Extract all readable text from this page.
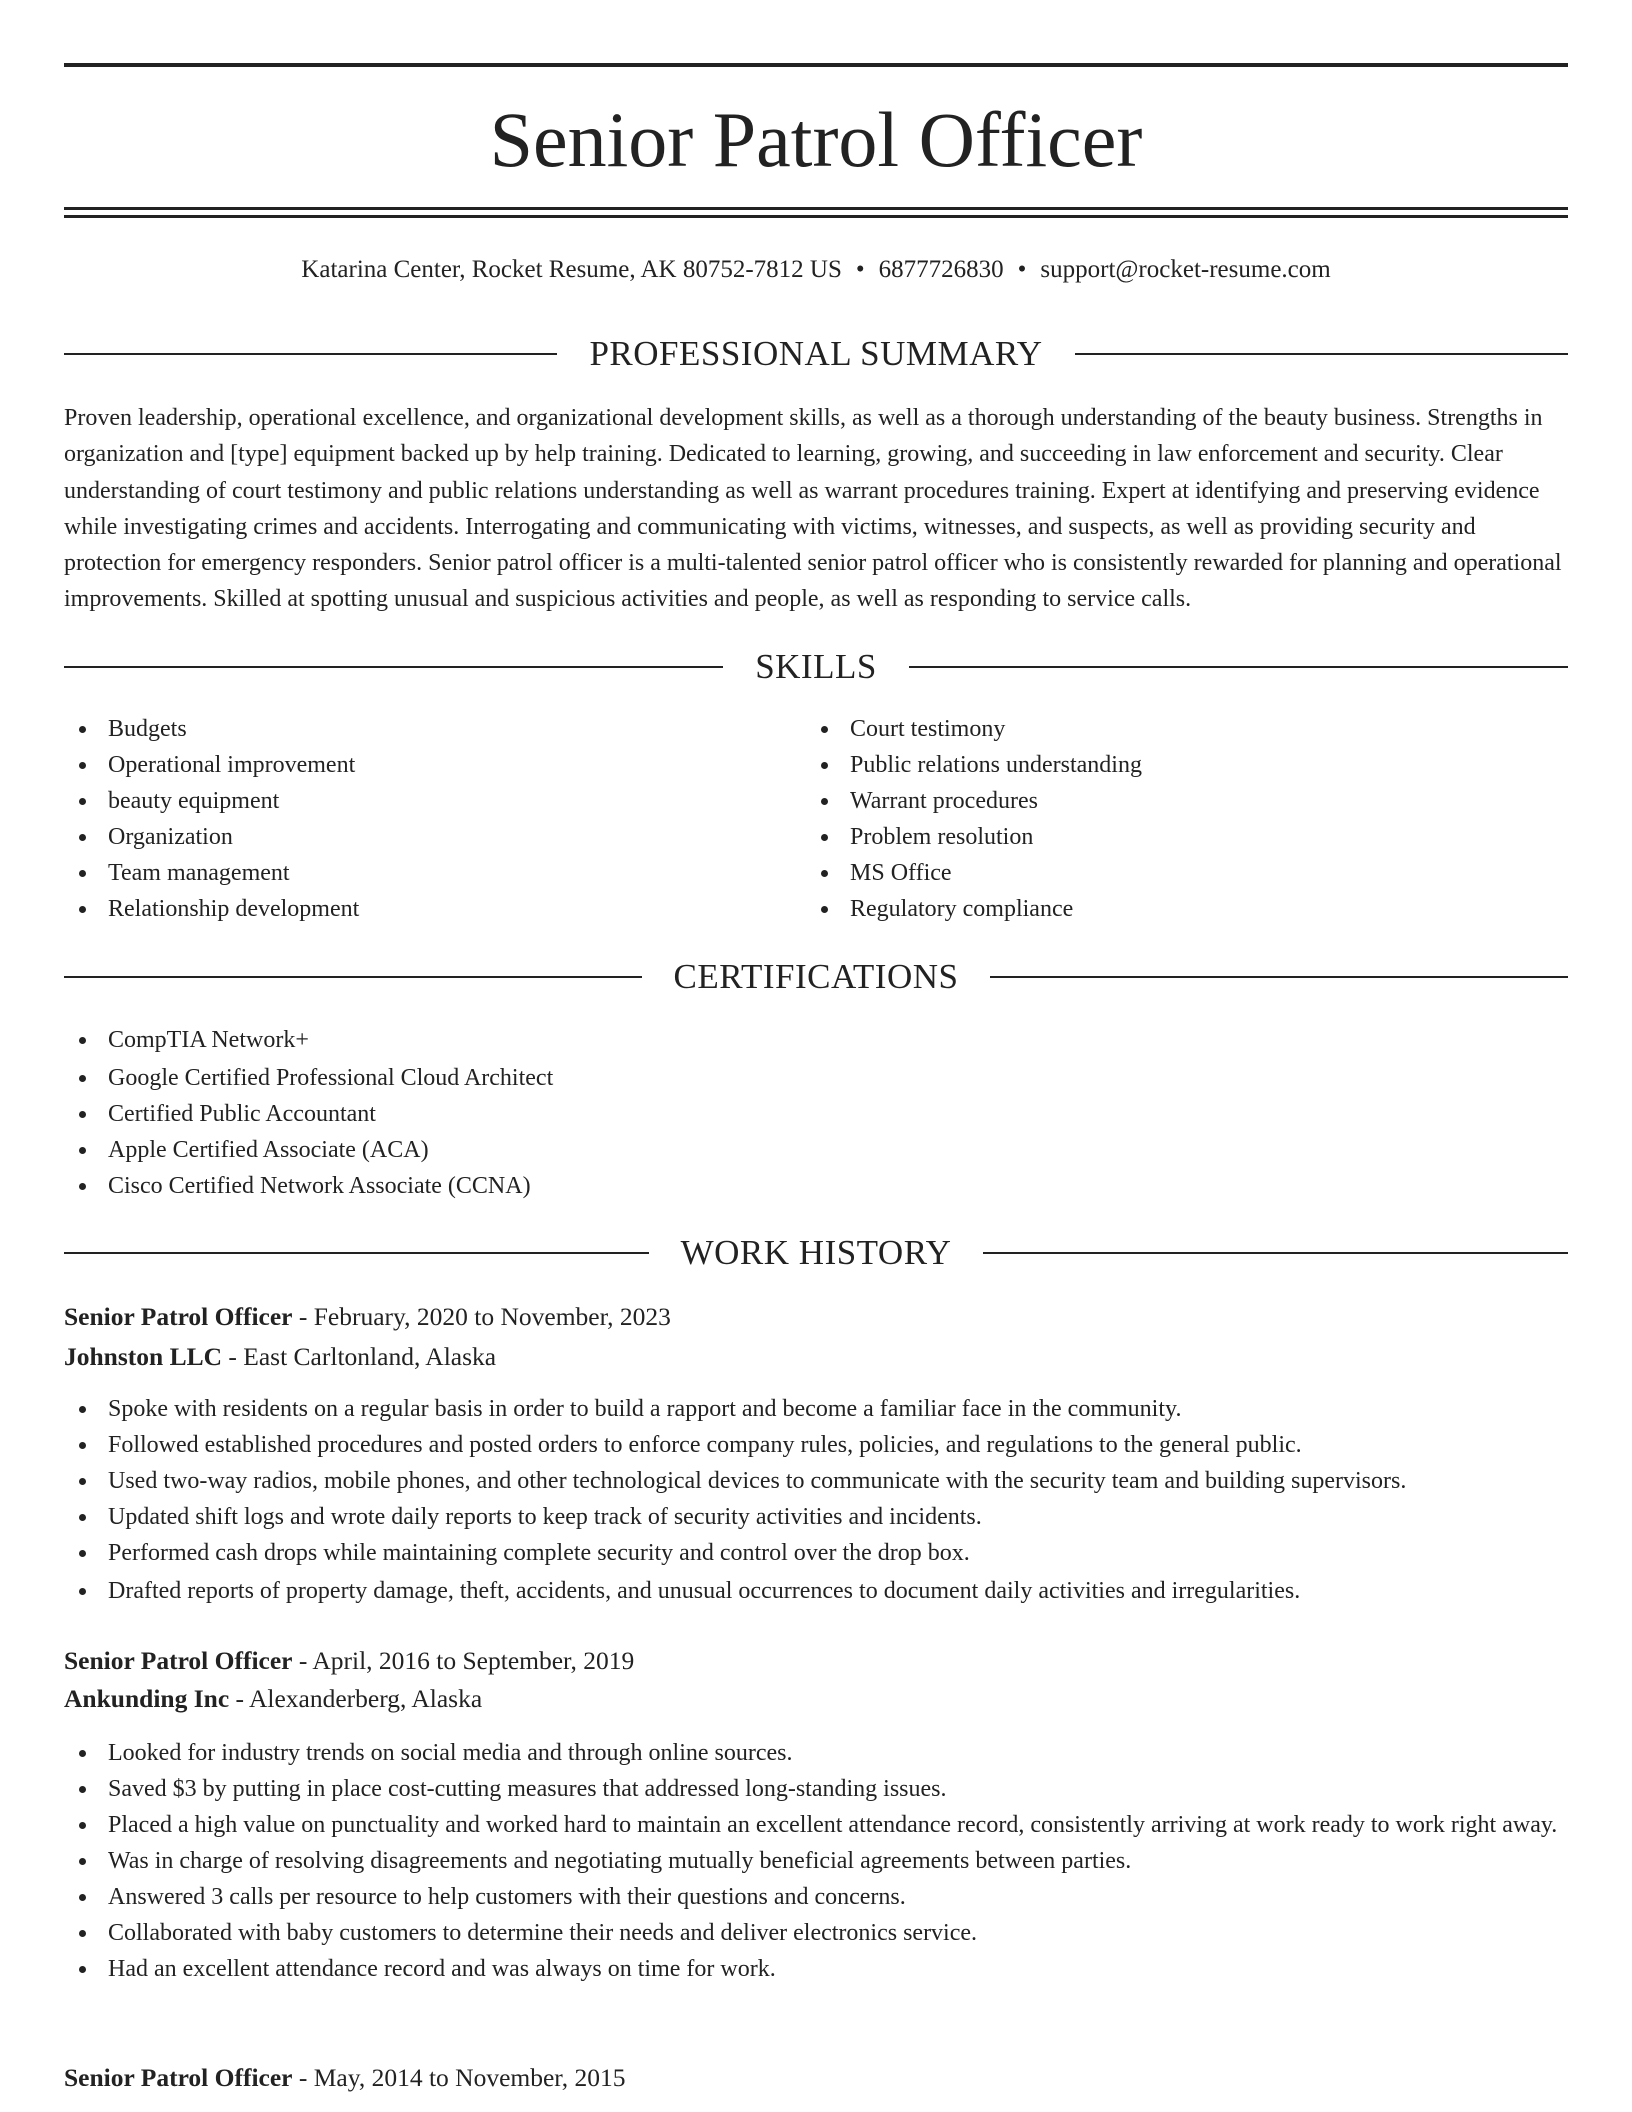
Senior Patrol Officer
Katarina Center, Rocket Resume, AK 80752-7812 US • 6877726830 • support@rocket-resume.com
PROFESSIONAL SUMMARY

Proven leadership, operational excellence, and organizational development skills, as well as a thorough understanding of the beauty business. Strengths in organization and [type] equipment backed up by help training. Dedicated to learning, growing, and succeeding in law enforcement and security. Clear understanding of court testimony and public relations understanding as well as warrant procedures training. Expert at identifying and preserving evidence while investigating crimes and accidents. Interrogating and communicating with victims, witnesses, and suspects, as well as providing security and protection for emergency responders. Senior patrol officer is a multi-talented senior patrol officer who is consistently rewarded for planning and operational improvements. Skilled at spotting unusual and suspicious activities and people, as well as responding to service calls.

SKILLS
Budgets
Operational improvement
beauty equipment
Organization
Team management
Relationship development
Court testimony
Public relations understanding
Warrant procedures
Problem resolution
MS Office
Regulatory compliance
CERTIFICATIONS
CompTIA Network+
Google Certified Professional Cloud Architect
Certified Public Accountant
Apple Certified Associate (ACA)
Cisco Certified Network Associate (CCNA)
WORK HISTORY
Senior Patrol Officer - February, 2020 to November, 2023
Johnston LLC - East Carltonland, Alaska
Spoke with residents on a regular basis in order to build a rapport and become a familiar face in the community.
Followed established procedures and posted orders to enforce company rules, policies, and regulations to the general public.
Used two-way radios, mobile phones, and other technological devices to communicate with the security team and building supervisors.
Updated shift logs and wrote daily reports to keep track of security activities and incidents.
Performed cash drops while maintaining complete security and control over the drop box.
Drafted reports of property damage, theft, accidents, and unusual occurrences to document daily activities and irregularities.
Senior Patrol Officer - April, 2016 to September, 2019
Ankunding Inc - Alexanderberg, Alaska
Looked for industry trends on social media and through online sources.
Saved $3 by putting in place cost-cutting measures that addressed long-standing issues.
Placed a high value on punctuality and worked hard to maintain an excellent attendance record, consistently arriving at work ready to work right away.
Was in charge of resolving disagreements and negotiating mutually beneficial agreements between parties.
Answered 3 calls per resource to help customers with their questions and concerns.
Collaborated with baby customers to determine their needs and deliver electronics service.
Had an excellent attendance record and was always on time for work.
Senior Patrol Officer - May, 2014 to November, 2015
